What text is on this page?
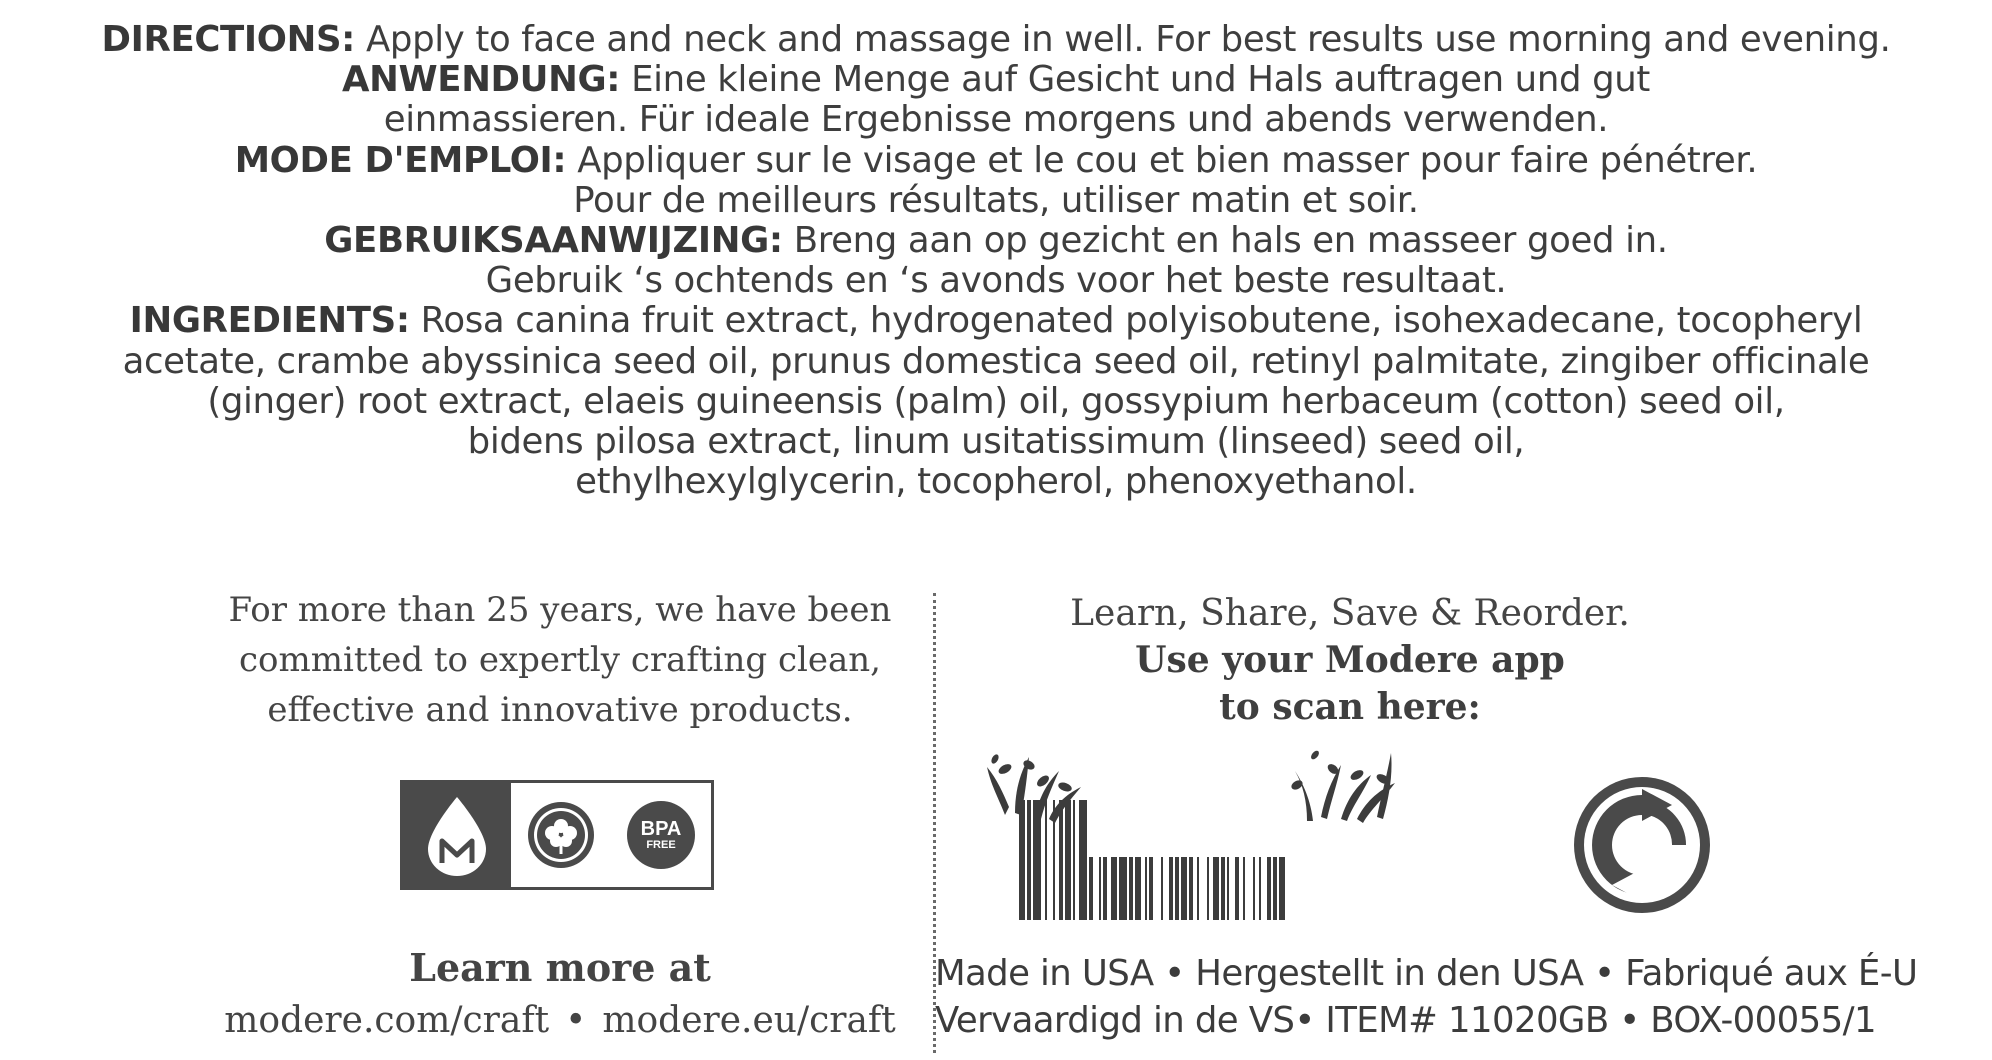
DIRECTIONS: Apply to face and neck and massage in well. For best results use morning and evening.
ANWENDUNG: Eine kleine Menge auf Gesicht und Hals auftragen und gut
einmassieren. Für ideale Ergebnisse morgens und abends verwenden.
MODE D'EMPLOI: Appliquer sur le visage et le cou et bien masser pour faire pénétrer.
Pour de meilleurs résultats, utiliser matin et soir.
GEBRUIKSAANWIJZING: Breng aan op gezicht en hals en masseer goed in.
Gebruik ‘s ochtends en ‘s avonds voor het beste resultaat.
INGREDIENTS: Rosa canina fruit extract, hydrogenated polyisobutene, isohexadecane, tocopheryl
acetate, crambe abyssinica seed oil, prunus domestica seed oil, retinyl palmitate, zingiber officinale
(ginger) root extract, elaeis guineensis (palm) oil, gossypium herbaceum (cotton) seed oil,
bidens pilosa extract, linum usitatissimum (linseed) seed oil,
ethylhexylglycerin, tocopherol, phenoxyethanol.
For more than 25 years, we have been
committed to expertly crafting clean,
effective and innovative products.
BPA
FREE
Learn more at
modere.com/craft • modere.eu/craft
Learn, Share, Save & Reorder.
Use your Modere app
to scan here:
Made in USA • Hergestellt in den USA • Fabriqué aux É-U
Vervaardigd in de VS• ITEM# 11020GB • BOX-00055/1
